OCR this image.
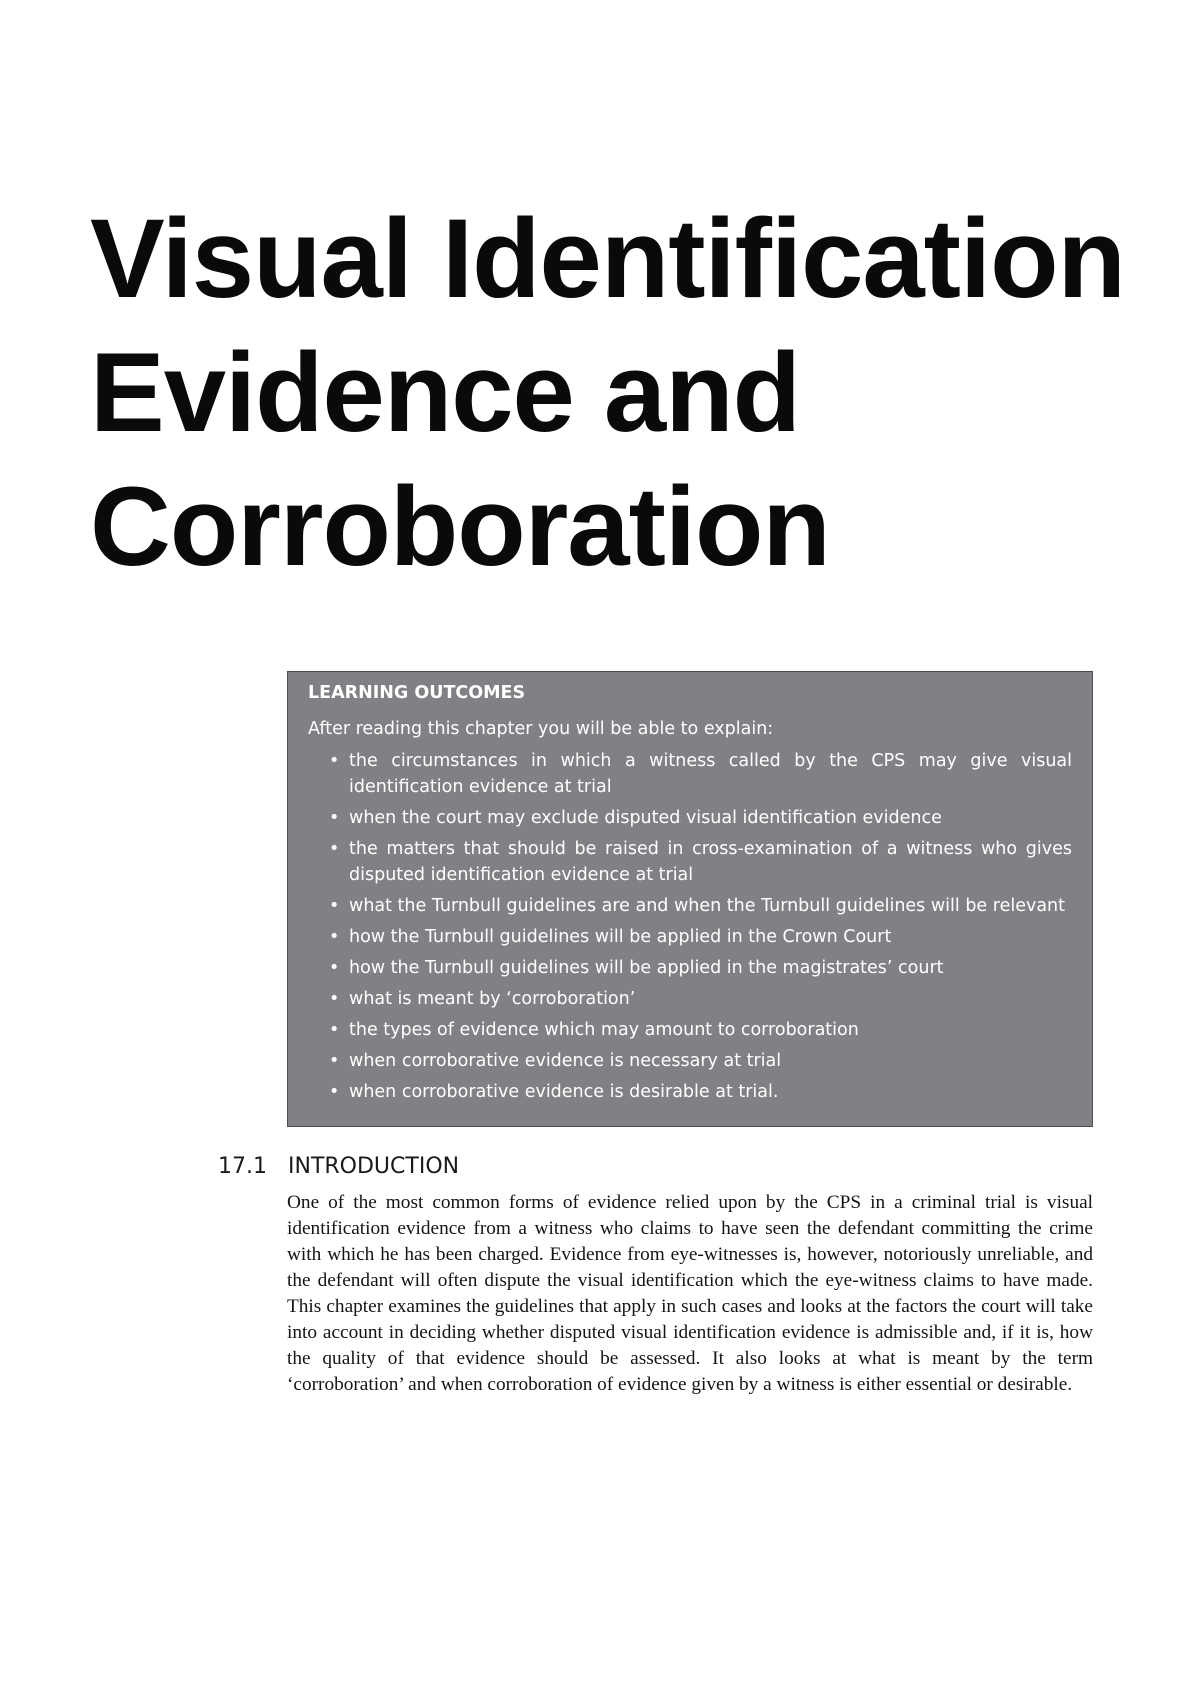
Visual Identification
Evidence and
Corroboration
LEARNING OUTCOMES
After reading this chapter you will be able to explain:
• the circumstances in which a witness called by the CPS may give visual identification evidence at trial
• when the court may exclude disputed visual identification evidence
• the matters that should be raised in cross-examination of a witness who gives disputed identification evidence at trial
• what the Turnbull guidelines are and when the Turnbull guidelines will be relevant
• how the Turnbull guidelines will be applied in the Crown Court
• how the Turnbull guidelines will be applied in the magistrates’ court
• what is meant by ‘corroboration’
• the types of evidence which may amount to corroboration
• when corroborative evidence is necessary at trial
• when corroborative evidence is desirable at trial.
17.1 INTRODUCTION

One of the most common forms of evidence relied upon by the CPS in a criminal trial is visual identification evidence from a witness who claims to have seen the defendant committing the crime with which he has been charged. Evidence from eye-witnesses is, however, notoriously unreliable, and the defendant will often dispute the visual identification which the eye-witness claims to have made. This chapter examines the guidelines that apply in such cases and looks at the factors the court will take into account in deciding whether disputed visual identification evidence is admissible and, if it is, how the quality of that evidence should be assessed. It also looks at what is meant by the term ‘corroboration’ and when corroboration of evidence given by a witness is either essential or desirable.
